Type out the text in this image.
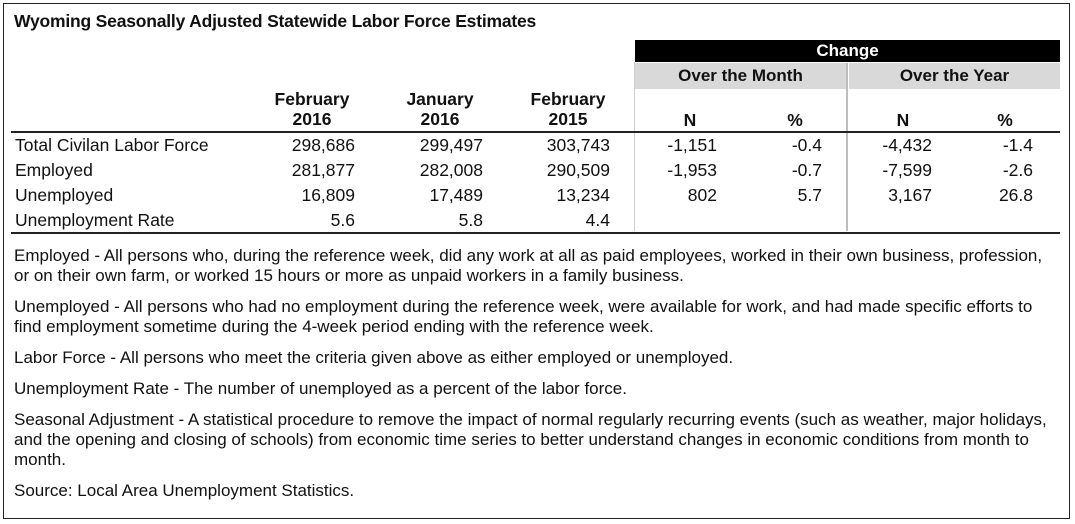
Wyoming Seasonally Adjusted Statewide Labor Force Estimates
Change
Over the Month	Over the Year
February
2016
January
2016
February
2015	N	%	N	%
Total Civilan Labor Force	298,686	299,497	303,743	-1,151	-0.4	-4,432	-1.4
Employed	281,877	282,008	290,509	-1,953	-0.7	-7,599	-2.6
Unemployed	16,809	17,489	13,234	802	5.7	3,167	26.8
Unemployment Rate	5.6	5.8	4.4

Employed - All persons who, during the reference week, did any work at all as paid employees, worked in their own business, profession, or on their own farm, or worked 15 hours or more as unpaid workers in a family business.

Unemployed - All persons who had no employment during the reference week, were available for work, and had made specific efforts to find employment sometime during the 4-week period ending with the reference week.

Labor Force - All persons who meet the criteria given above as either employed or unemployed.

Unemployment Rate - The number of unemployed as a percent of the labor force.

Seasonal Adjustment - A statistical procedure to remove the impact of normal regularly recurring events (such as weather, major holidays, and the opening and closing of schools) from economic time series to better understand changes in economic conditions from month to month.

Source: Local Area Unemployment Statistics.
